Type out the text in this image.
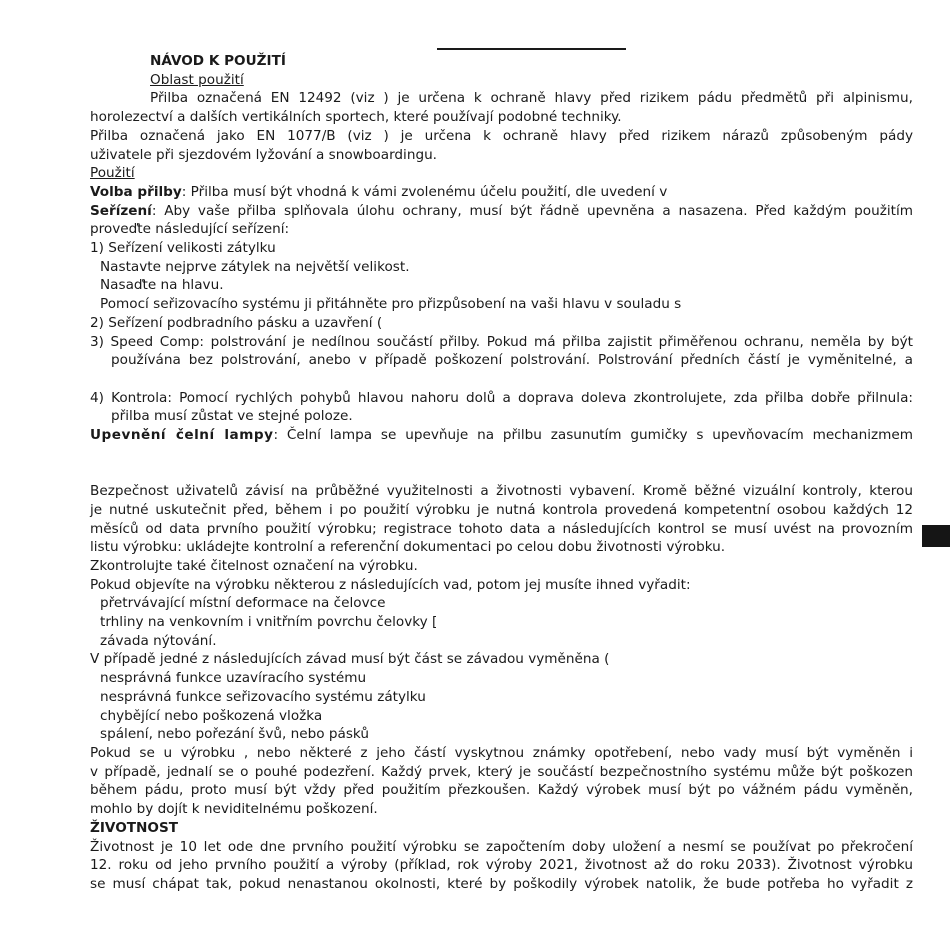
NÁVOD K POUŽITÍ

Oblast použití

Přilba označená EN 12492 (viz ) je určena k ochraně hlavy před rizikem pádu předmětů při alpinismu,

horolezectví a dalších vertikálních sportech, které používají podobné techniky.

Přilba označená jako EN 1077/B (viz ) je určena k ochraně hlavy před rizikem nárazů způsobeným pády

uživatele při sjezdovém lyžování a snowboardingu.

Použití

Volba přilby: Přilba musí být vhodná k vámi zvolenému účelu použití, dle uvedení v

Seřízení: Aby vaše přilba splňovala úlohu ochrany, musí být řádně upevněna a nasazena. Před každým použitím

proveďte následující seřízení:

1) Seřízení velikosti zátylku

Nastavte nejprve zátylek na největší velikost.

Nasaďte na hlavu.

Pomocí seřizovacího systému ji přitáhněte pro přizpůsobení na vaši hlavu v souladu s

2) Seřízení podbradního pásku a uzavření (

3) Speed Comp: polstrování je nedílnou součástí přilby. Pokud má přilba zajistit přiměřenou ochranu, neměla by být

používána bez polstrování, anebo v případě poškození polstrování. Polstrování předních částí je vyměnitelné, a

4) Kontrola: Pomocí rychlých pohybů hlavou nahoru dolů a doprava doleva zkontrolujete, zda přilba dobře přilnula:

přilba musí zůstat ve stejné poloze.

Upevnění čelní lampy: Čelní lampa se upevňuje na přilbu zasunutím gumičky s upevňovacím mechanizmem

Bezpečnost uživatelů závisí na průběžné využitelnosti a životnosti vybavení. Kromě běžné vizuální kontroly, kterou

je nutné uskutečnit před, během i po použití výrobku je nutná kontrola provedená kompetentní osobou každých 12

měsíců od data prvního použití výrobku; registrace tohoto data a následujících kontrol se musí uvést na provozním

listu výrobku: ukládejte kontrolní a referenční dokumentaci po celou dobu životnosti výrobku.

Zkontrolujte také čitelnost označení na výrobku.

Pokud objevíte na výrobku některou z následujících vad, potom jej musíte ihned vyřadit:

přetrvávající místní deformace na čelovce

trhliny na venkovním i vnitřním povrchu čelovky [

závada nýtování.

V případě jedné z následujících závad musí být část se závadou vyměněna (

nesprávná funkce uzavíracího systému

nesprávná funkce seřizovacího systému zátylku

chybějící nebo poškozená vložka

spálení, nebo pořezání švů, nebo pásků

Pokud se u výrobku , nebo některé z jeho částí vyskytnou známky opotřebení, nebo vady musí být vyměněn i

v případě, jednalí se o pouhé podezření. Každý prvek, který je součástí bezpečnostního systému může být poškozen

během pádu, proto musí být vždy před použitím přezkoušen. Každý výrobek musí být po vážném pádu vyměněn,

mohlo by dojít k neviditelnému poškození.

ŽIVOTNOST

Životnost je 10 let ode dne prvního použití výrobku se započtením doby uložení a nesmí se používat po překročení

12. roku od jeho prvního použití a výroby (příklad, rok výroby 2021, životnost až do roku 2033). Životnost výrobku

se musí chápat tak, pokud nenastanou okolnosti, které by poškodily výrobek natolik, že bude potřeba ho vyřadit z
